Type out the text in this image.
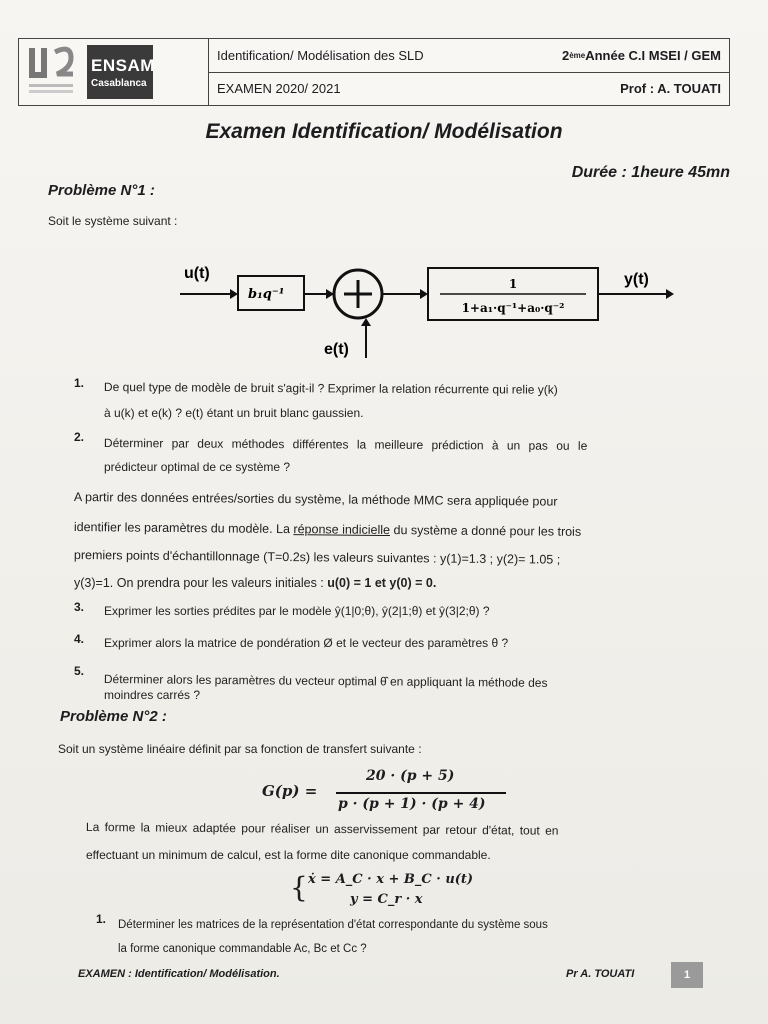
ENSAM
Casablanca
Identification/ Modélisation des SLD
EXAMEN 2020/ 2021
2 ème Année C.I MSEI / GEM
Prof : A. TOUATI
Examen Identification/ Modélisation
Durée : 1heure 45mn
Problème N°1 :
Soit le système suivant :
u(t)
b₁q⁻¹
1
1+a₁·q⁻¹+a₀·q⁻²
y(t)
e(t)
1. De quel type de modèle de bruit s'agit-il ? Exprimer la relation récurrente qui relie y(k)
à u(k) et e(k) ? e(t) étant un bruit blanc gaussien.
2. Déterminer par deux méthodes différentes la meilleure prédiction à un pas ou le
prédicteur optimal de ce système ?
A partir des données entrées/sorties du système, la méthode MMC sera appliquée pour
identifier les paramètres du modèle. La réponse indicielle du système a donné pour les trois
premiers points d'échantillonnage (T=0.2s) les valeurs suivantes : y(1)=1.3 ; y(2)= 1.05 ;
y(3)=1. On prendra pour les valeurs initiales : u(0) = 1 et y(0) = 0.
3. Exprimer les sorties prédites par le modèle ŷ(1|0;θ), ŷ(2|1;θ) et ŷ(3|2;θ) ?
4. Exprimer alors la matrice de pondération Ø et le vecteur des paramètres θ ?
5.
Déterminer alors les paramètres du vecteur optimal θ̂ en appliquant la méthode des
moindres carrés ?
Problème N°2 :
Soit un système linéaire définit par sa fonction de transfert suivante :
G(p) =
20 · (p + 5)
p · (p + 1) · (p + 4)
La forme la mieux adaptée pour réaliser un asservissement par retour d'état, tout en
effectuant un minimum de calcul, est la forme dite canonique commandable.
{ ẋ = A_C · x + B_C · u(t)
y = C_r · x
1. Déterminer les matrices de la représentation d'état correspondante du système sous
la forme canonique commandable Ac, Bc et Cc ?
EXAMEN : Identification/ Modélisation.	Pr A. TOUATI	1
